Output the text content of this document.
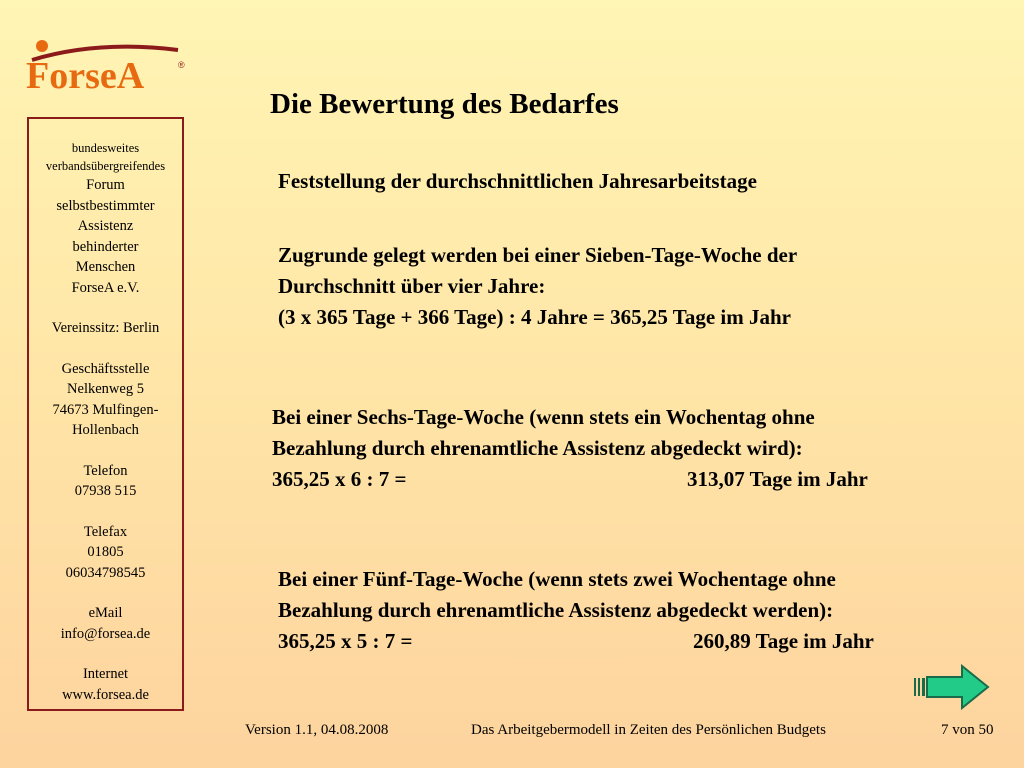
ForseA	®
bundesweites
verbandsübergreifendes
Forum
selbstbestimmter
Assistenz
behinderter
Menschen
ForseA e.V.
Vereinssitz: Berlin
Geschäftsstelle
Nelkenweg 5
74673 Mulfingen-
Hollenbach
Telefon
07938 515
Telefax
01805
06034798545
eMail
info@forsea.de
Internet
www.forsea.de
Die Bewertung des Bedarfes

Feststellung der durchschnittlichen Jahresarbeitstage

Zugrunde gelegt werden bei einer Sieben-Tage-Woche der
Durchschnitt über vier Jahre:
(3 x 365 Tage + 366 Tage) : 4 Jahre = 365,25 Tage im Jahr

Bei einer Sechs-Tage-Woche (wenn stets ein Wochentag ohne
Bezahlung durch ehrenamtliche Assistenz abgedeckt wird):
365,25 x 6 : 7 =	313,07 Tage im Jahr

Bei einer Fünf-Tage-Woche (wenn stets zwei Wochentage ohne
Bezahlung durch ehrenamtliche Assistenz abgedeckt werden):
365,25 x 5 : 7 =	260,89 Tage im Jahr

Version 1.1, 04.08.2008	Das Arbeitgebermodell in Zeiten des Persönlichen Budgets	7 von 50
